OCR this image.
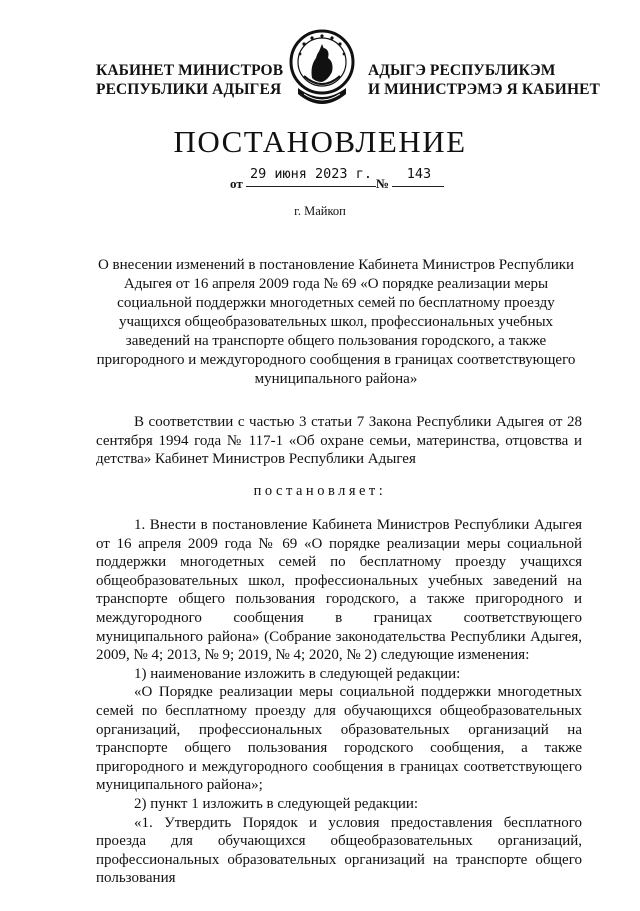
КАБИНЕТ МИНИСТРОВ
РЕСПУБЛИКИ АДЫГЕЯ
АДЫГЭ РЕСПУБЛИКЭМ
И МИНИСТРЭМЭ Я КАБИНЕТ
ПОСТАНОВЛЕНИЕ
от
29 июня 2023 г.
№
143
г. Майкоп
О внесении изменений в постановление Кабинета Министров Республики Адыгея от 16 апреля 2009 года № 69 «О порядке реализации меры социальной поддержки многодетных семей по бесплатному проезду учащихся общеобразовательных школ, профессиональных учебных заведений на транспорте общего пользования городского, а также пригородного и междугородного сообщения в границах соответствующего муниципального района»

В соответствии с частью 3 статьи 7 Закона Республики Адыгея от 28 сентября 1994 года № 117-1 «Об охране семьи, материнства, отцовства и детства» Кабинет Министров Республики Адыгея

постановляет:

1. Внести в постановление Кабинета Министров Республики Адыгея от 16 апреля 2009 года № 69 «О порядке реализации меры социальной поддержки многодетных семей по бесплатному проезду учащихся общеобразовательных школ, профессиональных учебных заведений на транспорте общего пользования городского, а также пригородного и междугородного сообщения в границах соответствующего муниципального района» (Собрание законодательства Республики Адыгея, 2009, № 4; 2013, № 9; 2019, № 4; 2020, № 2) следующие изменения:

1) наименование изложить в следующей редакции:

«О Порядке реализации меры социальной поддержки многодетных семей по бесплатному проезду для обучающихся общеобразовательных организаций, профессиональных образовательных организаций на транспорте общего пользования городского сообщения, а также пригородного и междугородного сообщения в границах соответствующего муниципального района»;

2) пункт 1 изложить в следующей редакции:

«1. Утвердить Порядок и условия предоставления бесплатного проезда для обучающихся общеобразовательных организаций, профессиональных образовательных организаций на транспорте общего пользования
